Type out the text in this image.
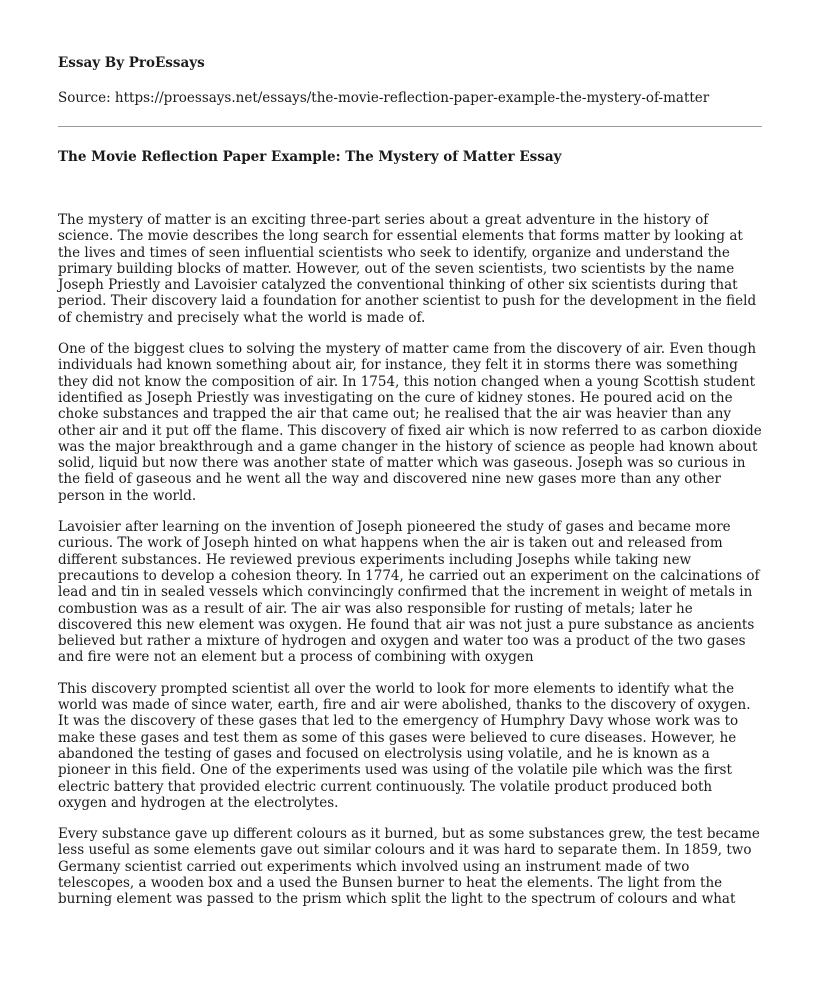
Essay By ProEssays

Source: https://proessays.net/essays/the-movie-reflection-paper-example-the-mystery-of-matter

The Movie Reflection Paper Example: The Mystery of Matter Essay

The mystery of matter is an exciting three-part series about a great adventure in the history of science. The movie describes the long search for essential elements that forms matter by looking at the lives and times of seen influential scientists who seek to identify, organize and understand the primary building blocks of matter. However, out of the seven scientists, two scientists by the name Joseph Priestly and Lavoisier catalyzed the conventional thinking of other six scientists during that period. Their discovery laid a foundation for another scientist to push for the development in the field of chemistry and precisely what the world is made of.

One of the biggest clues to solving the mystery of matter came from the discovery of air. Even though individuals had known something about air, for instance, they felt it in storms there was something they did not know the composition of air. In 1754, this notion changed when a young Scottish student identified as Joseph Priestly was investigating on the cure of kidney stones. He poured acid on the choke substances and trapped the air that came out; he realised that the air was heavier than any other air and it put off the flame. This discovery of fixed air which is now referred to as carbon dioxide was the major breakthrough and a game changer in the history of science as people had known about solid, liquid but now there was another state of matter which was gaseous. Joseph was so curious in the field of gaseous and he went all the way and discovered nine new gases more than any other person in the world.

Lavoisier after learning on the invention of Joseph pioneered the study of gases and became more curious. The work of Joseph hinted on what happens when the air is taken out and released from different substances. He reviewed previous experiments including Josephs while taking new precautions to develop a cohesion theory. In 1774, he carried out an experiment on the calcinations of lead and tin in sealed vessels which convincingly confirmed that the increment in weight of metals in combustion was as a result of air. The air was also responsible for rusting of metals; later he discovered this new element was oxygen. He found that air was not just a pure substance as ancients believed but rather a mixture of hydrogen and oxygen and water too was a product of the two gases and fire were not an element but a process of combining with oxygen

This discovery prompted scientist all over the world to look for more elements to identify what the world was made of since water, earth, fire and air were abolished, thanks to the discovery of oxygen. It was the discovery of these gases that led to the emergency of Humphry Davy whose work was to make these gases and test them as some of this gases were believed to cure diseases. However, he abandoned the testing of gases and focused on electrolysis using volatile, and he is known as a pioneer in this field. One of the experiments used was using of the volatile pile which was the first electric battery that provided electric current continuously. The volatile product produced both oxygen and hydrogen at the electrolytes.

Every substance gave up different colours as it burned, but as some substances grew, the test became less useful as some elements gave out similar colours and it was hard to separate them. In 1859, two Germany scientist carried out experiments which involved using an instrument made of two telescopes, a wooden box and a used the Bunsen burner to heat the elements. The light from the burning element was passed to the prism which split the light to the spectrum of colours and what
